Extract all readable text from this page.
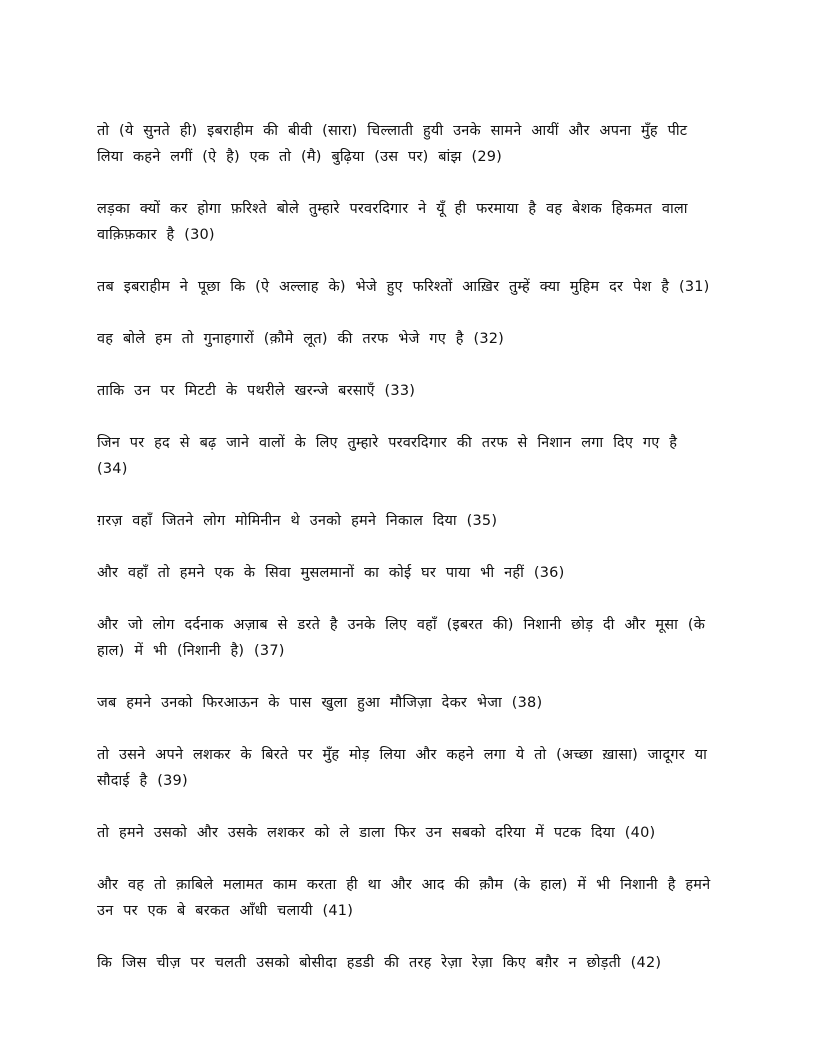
तो (ये सुनते ही) इबराहीम की बीवी (सारा) चिल्लाती हुयी उनके सामने आयीं और अपना मुँह पीट लिया कहने लगीं (ऐ है) एक तो (मै) बुढ़िया (उस पर) बांझ (29)

लड़का क्यों कर होगा फ़रिश्ते बोले तुम्हारे परवरदिगार ने यूँ ही फरमाया है वह बेशक हिकमत वाला वाक़िफ़कार है (30)

तब इबराहीम ने पूछा कि (ऐ अल्लाह के) भेजे हुए फरिश्तों आख़िर तुम्हें क्या मुहिम दर पेश है (31)

वह बोले हम तो गुनाहगारों (क़ौमे लूत) की तरफ भेजे गए है (32)

ताकि उन पर मिटटी के पथरीले खरन्जे बरसाएँ (33)

जिन पर हद से बढ़ जाने वालों के लिए तुम्हारे परवरदिगार की तरफ से निशान लगा दिए गए है (34)

ग़रज़ वहाँ जितने लोग मोमिनीन थे उनको हमने निकाल दिया (35)

और वहाँ तो हमने एक के सिवा मुसलमानों का कोई घर पाया भी नहीं (36)

और जो लोग दर्दनाक अज़ाब से डरते है उनके लिए वहाँ (इबरत की) निशानी छोड़ दी और मूसा (के हाल) में भी (निशानी है) (37)

जब हमने उनको फिरआऊन के पास खुला हुआ मौजिज़ा देकर भेजा (38)

तो उसने अपने लशकर के बिरते पर मुँह मोड़ लिया और कहने लगा ये तो (अच्छा ख़ासा) जादूगर या सौदाई है (39)

तो हमने उसको और उसके लशकर को ले डाला फिर उन सबको दरिया में पटक दिया (40)

और वह तो क़ाबिले मलामत काम करता ही था और आद की क़ौम (के हाल) में भी निशानी है हमने उन पर एक बे बरकत आँधी चलायी (41)

कि जिस चीज़ पर चलती उसको बोसीदा हडडी की तरह रेज़ा रेज़ा किए बग़ैर न छोड़ती (42)
